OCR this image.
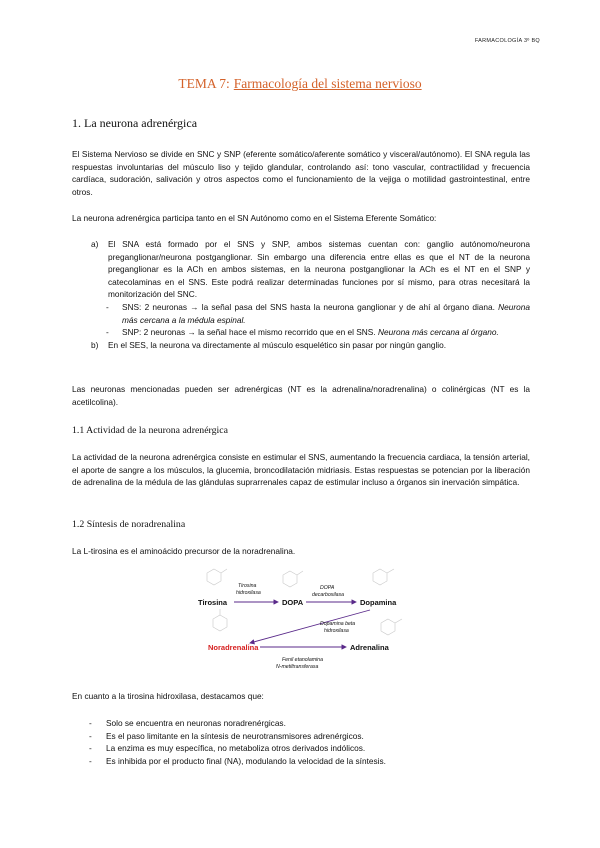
FARMACOLOGÍA 3º BQ
TEMA 7: Farmacología del sistema nervioso
1. La neurona adrenérgica
El Sistema Nervioso se divide en SNC y SNP (eferente somático/aferente somático y visceral/autónomo). El SNA regula las respuestas involuntarias del músculo liso y tejido glandular, controlando así: tono vascular, contractilidad y frecuencia cardíaca, sudoración, salivación y otros aspectos como el funcionamiento de la vejiga o motilidad gastrointestinal, entre otros.
La neurona adrenérgica participa tanto en el SN Autónomo como en el Sistema Eferente Somático:
a) El SNA está formado por el SNS y SNP, ambos sistemas cuentan con: ganglio autónomo/neurona preganglionar/neurona postganglionar. Sin embargo una diferencia entre ellas es que el NT de la neurona preganglionar es la ACh en ambos sistemas, en la neurona postganglionar la ACh es el NT en el SNP y catecolaminas en el SNS. Este podrá realizar determinadas funciones por sí mismo, para otras necesitará la monitorización del SNC.
- SNS: 2 neuronas → la señal pasa del SNS hasta la neurona ganglionar y de ahí al órgano diana. Neurona más cercana a la médula espinal.
- SNP: 2 neuronas → la señal hace el mismo recorrido que en el SNS. Neurona más cercana al órgano.
b) En el SES, la neurona va directamente al músculo esquelético sin pasar por ningún ganglio.
Las neuronas mencionadas pueden ser adrenérgicas (NT es la adrenalina/noradrenalina) o colinérgicas (NT es la acetilcolina).
1.1 Actividad de la neurona adrenérgica
La actividad de la neurona adrenérgica consiste en estimular el SNS, aumentando la frecuencia cardiaca, la tensión arterial, el aporte de sangre a los músculos, la glucemia, broncodilatación midriasis. Estas respuestas se potencian por la liberación de adrenalina de la médula de las glándulas suprarrenales capaz de estimular incluso a órganos sin inervación simpática.
1.2 Síntesis de noradrenalina
La L-tirosina es el aminoácido precursor de la noradrenalina.
Tirosina	DOPA	Dopamina
Noradrenalina	Adrenalina
Tirosina
hidroxilasa
DOPA
decarboxilasa
Dopamina beta
hidroxilasa
Fenil etanolamina
N-metiltransferasa
En cuanto a la tirosina hidroxilasa, destacamos que:
- Solo se encuentra en neuronas noradrenérgicas.
- Es el paso limitante en la síntesis de neurotransmisores adrenérgicos.
- La enzima es muy específica, no metaboliza otros derivados indólicos.
- Es inhibida por el producto final (NA), modulando la velocidad de la síntesis.
